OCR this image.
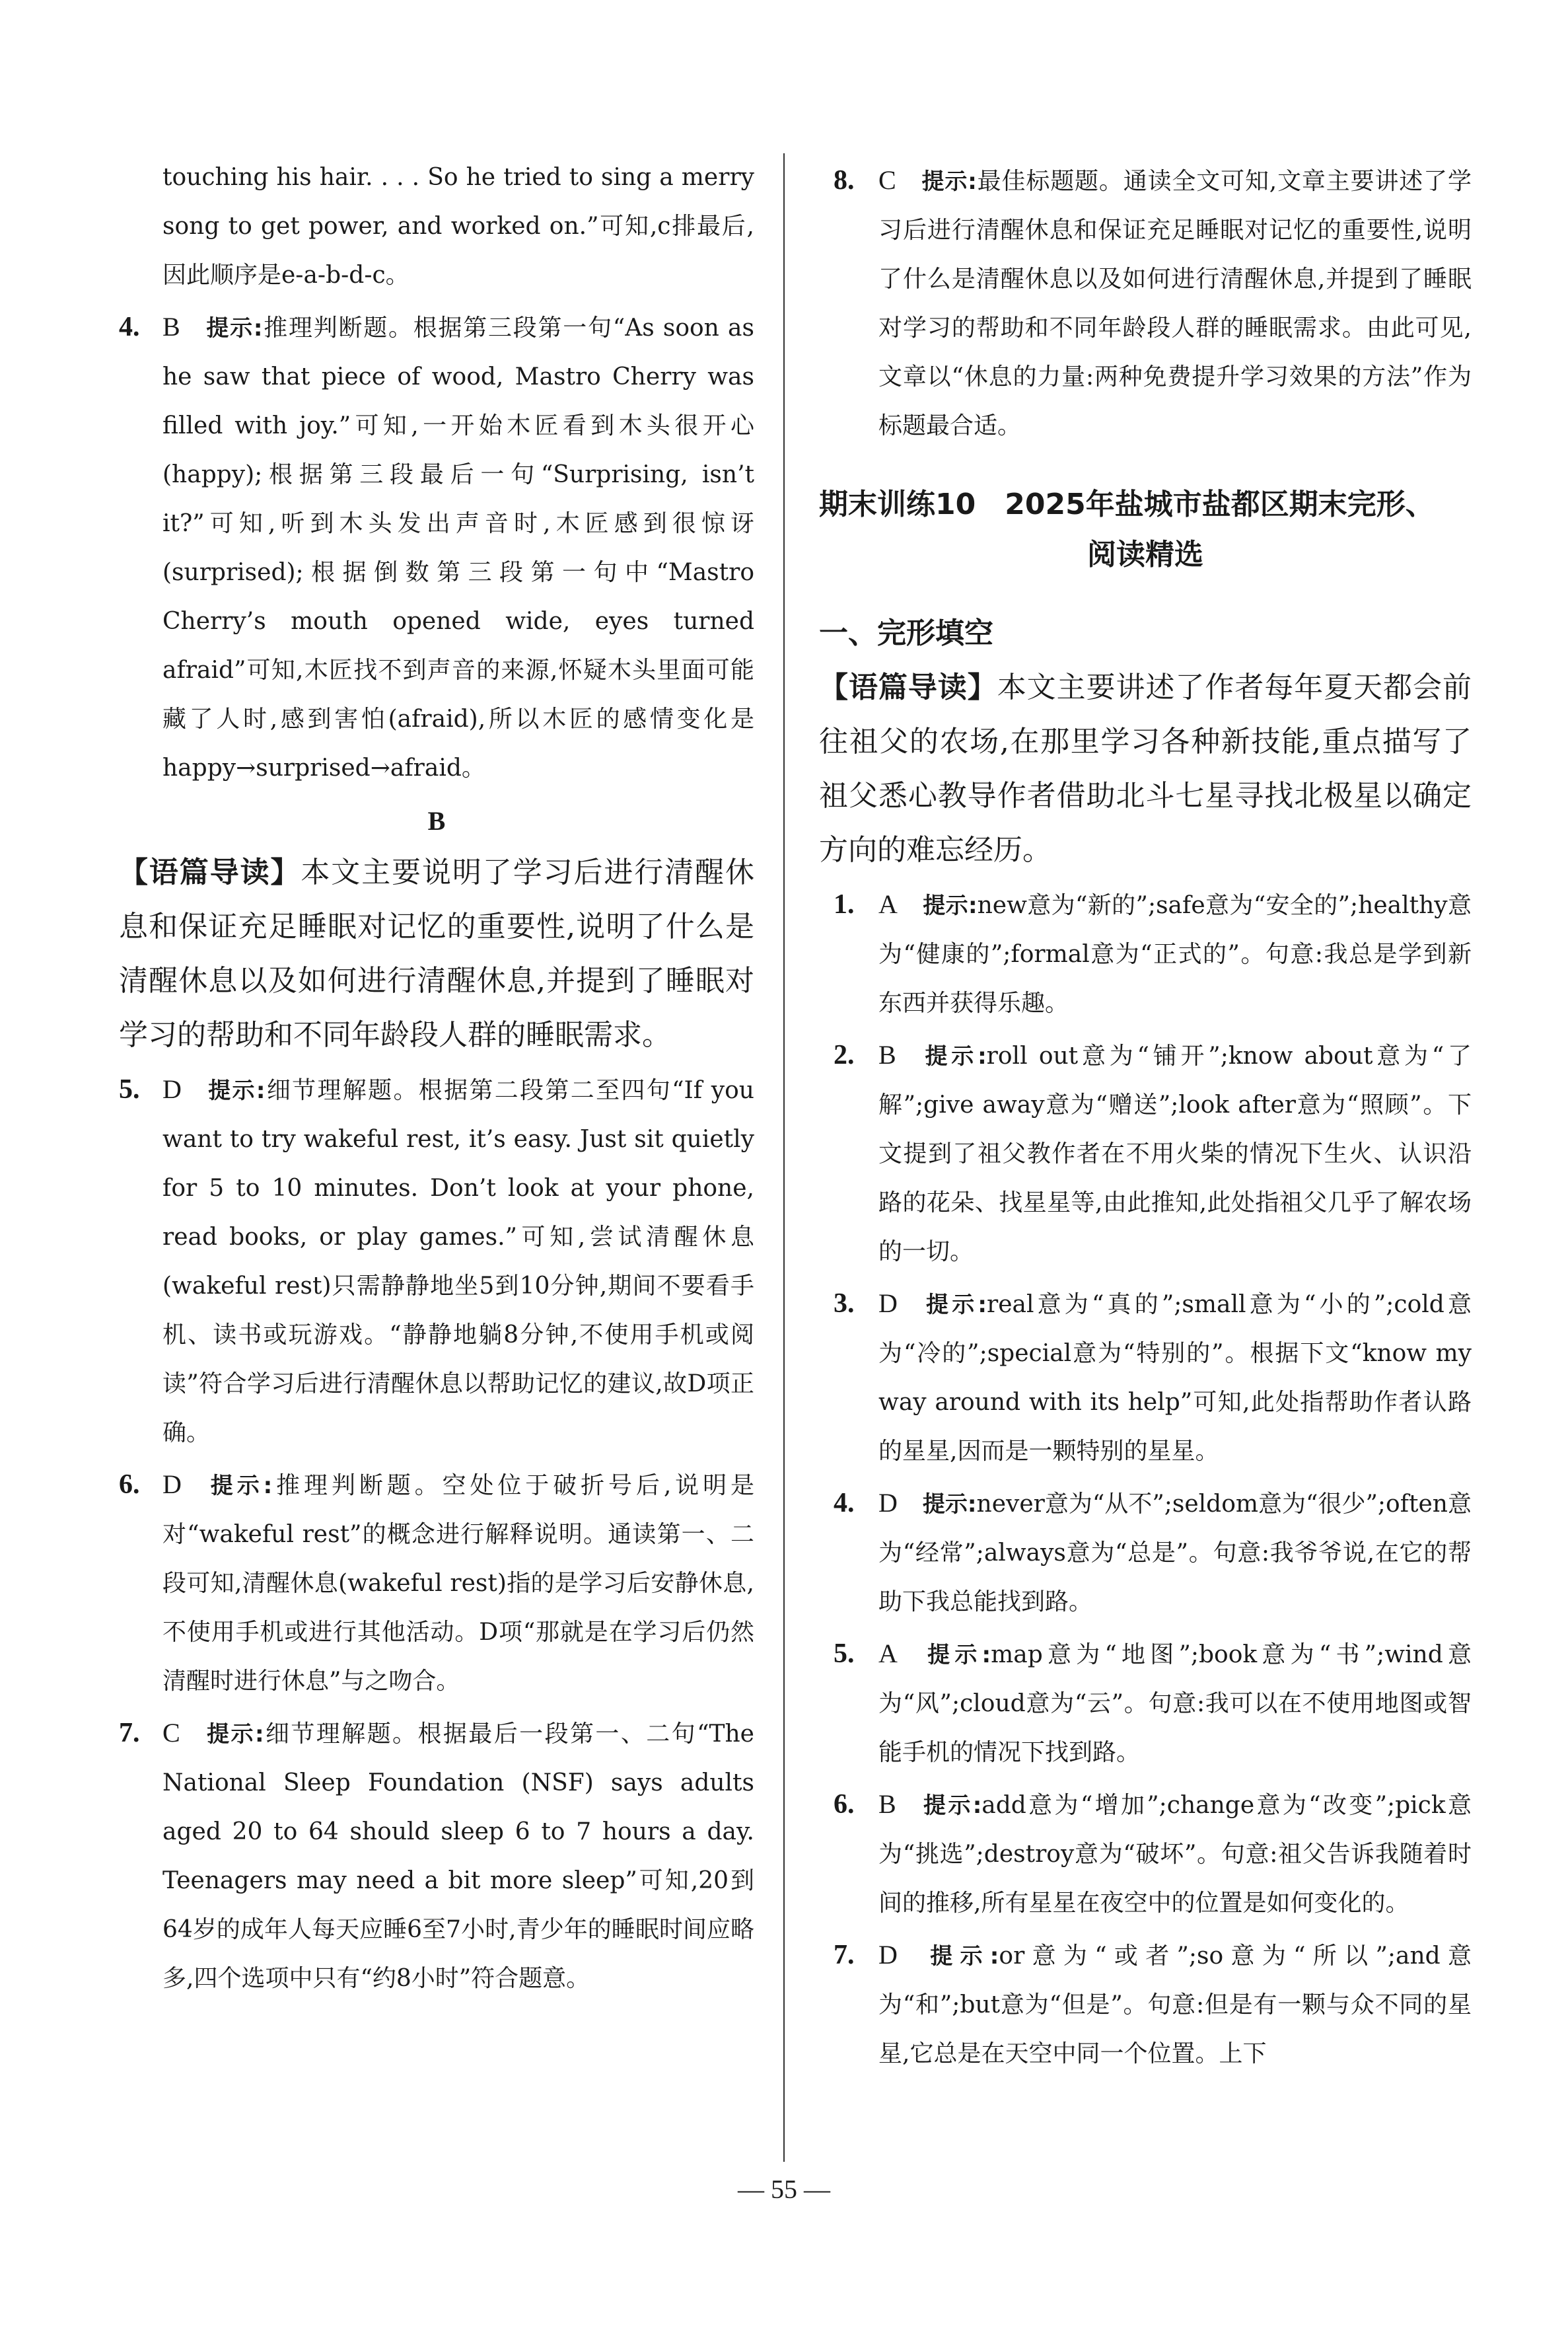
touching his hair. . . . So he tried to sing a merry song to get power, and worked on.”可知,c排最后,因此顺序是e-a-b-d-c。
4. B 提示:推理判断题。根据第三段第一句“As soon as he saw that piece of wood, Mastro Cherry was filled with joy.”可知,一开始木匠看到木头很开心(happy);根据第三段最后一句“Surprising, isn’t it?”可知,听到木头发出声音时,木匠感到很惊讶(surprised);根据倒数第三段第一句中“Mastro Cherry’s mouth opened wide, eyes turned afraid”可知,木匠找不到声音的来源,怀疑木头里面可能藏了人时,感到害怕(afraid),所以木匠的感情变化是happy→surprised→afraid。
B
【语篇导读】本文主要说明了学习后进行清醒休息和保证充足睡眠对记忆的重要性,说明了什么是清醒休息以及如何进行清醒休息,并提到了睡眠对学习的帮助和不同年龄段人群的睡眠需求。
5. D 提示:细节理解题。根据第二段第二至四句“If you want to try wakeful rest, it’s easy. Just sit quietly for 5 to 10 minutes. Don’t look at your phone, read books, or play games.”可知,尝试清醒休息(wakeful rest)只需静静地坐5到10分钟,期间不要看手机、读书或玩游戏。“静静地躺8分钟,不使用手机或阅读”符合学习后进行清醒休息以帮助记忆的建议,故D项正确。
6. D 提示:推理判断题。空处位于破折号后,说明是对“wakeful rest”的概念进行解释说明。通读第一、二段可知,清醒休息(wakeful rest)指的是学习后安静休息,不使用手机或进行其他活动。D项“那就是在学习后仍然清醒时进行休息”与之吻合。
7. C 提示:细节理解题。根据最后一段第一、二句“The National Sleep Foundation (NSF) says adults aged 20 to 64 should sleep 6 to 7 hours a day. Teenagers may need a bit more sleep”可知,20到64岁的成年人每天应睡6至7小时,青少年的睡眠时间应略多,四个选项中只有“约8小时”符合题意。
8. C 提示:最佳标题题。通读全文可知,文章主要讲述了学习后进行清醒休息和保证充足睡眠对记忆的重要性,说明了什么是清醒休息以及如何进行清醒休息,并提到了睡眠对学习的帮助和不同年龄段人群的睡眠需求。由此可见,文章以“休息的力量:两种免费提升学习效果的方法”作为标题最合适。
期末训练10　2025年盐城市盐都区期末完形、
阅读精选
一、完形填空
【语篇导读】本文主要讲述了作者每年夏天都会前往祖父的农场,在那里学习各种新技能,重点描写了祖父悉心教导作者借助北斗七星寻找北极星以确定方向的难忘经历。
1. A 提示:new意为“新的”;safe意为“安全的”;healthy意为“健康的”;formal意为“正式的”。句意:我总是学到新东西并获得乐趣。
2. B 提示:roll out意为“铺开”;know about意为“了解”;give away意为“赠送”;look after意为“照顾”。下文提到了祖父教作者在不用火柴的情况下生火、认识沿路的花朵、找星星等,由此推知,此处指祖父几乎了解农场的一切。
3. D 提示:real意为“真的”;small意为“小的”;cold意为“冷的”;special意为“特别的”。根据下文“know my way around with its help”可知,此处指帮助作者认路的星星,因而是一颗特别的星星。
4. D 提示:never意为“从不”;seldom意为“很少”;often意为“经常”;always意为“总是”。句意:我爷爷说,在它的帮助下我总能找到路。
5. A 提示:map意为“地图”;book意为“书”;wind意为“风”;cloud意为“云”。句意:我可以在不使用地图或智能手机的情况下找到路。
6. B 提示:add意为“增加”;change意为“改变”;pick意为“挑选”;destroy意为“破坏”。句意:祖父告诉我随着时间的推移,所有星星在夜空中的位置是如何变化的。
7. D 提示:or意为“或者”;so意为“所以”;and意为“和”;but意为“但是”。句意:但是有一颗与众不同的星星,它总是在天空中同一个位置。上下
— 55 —
